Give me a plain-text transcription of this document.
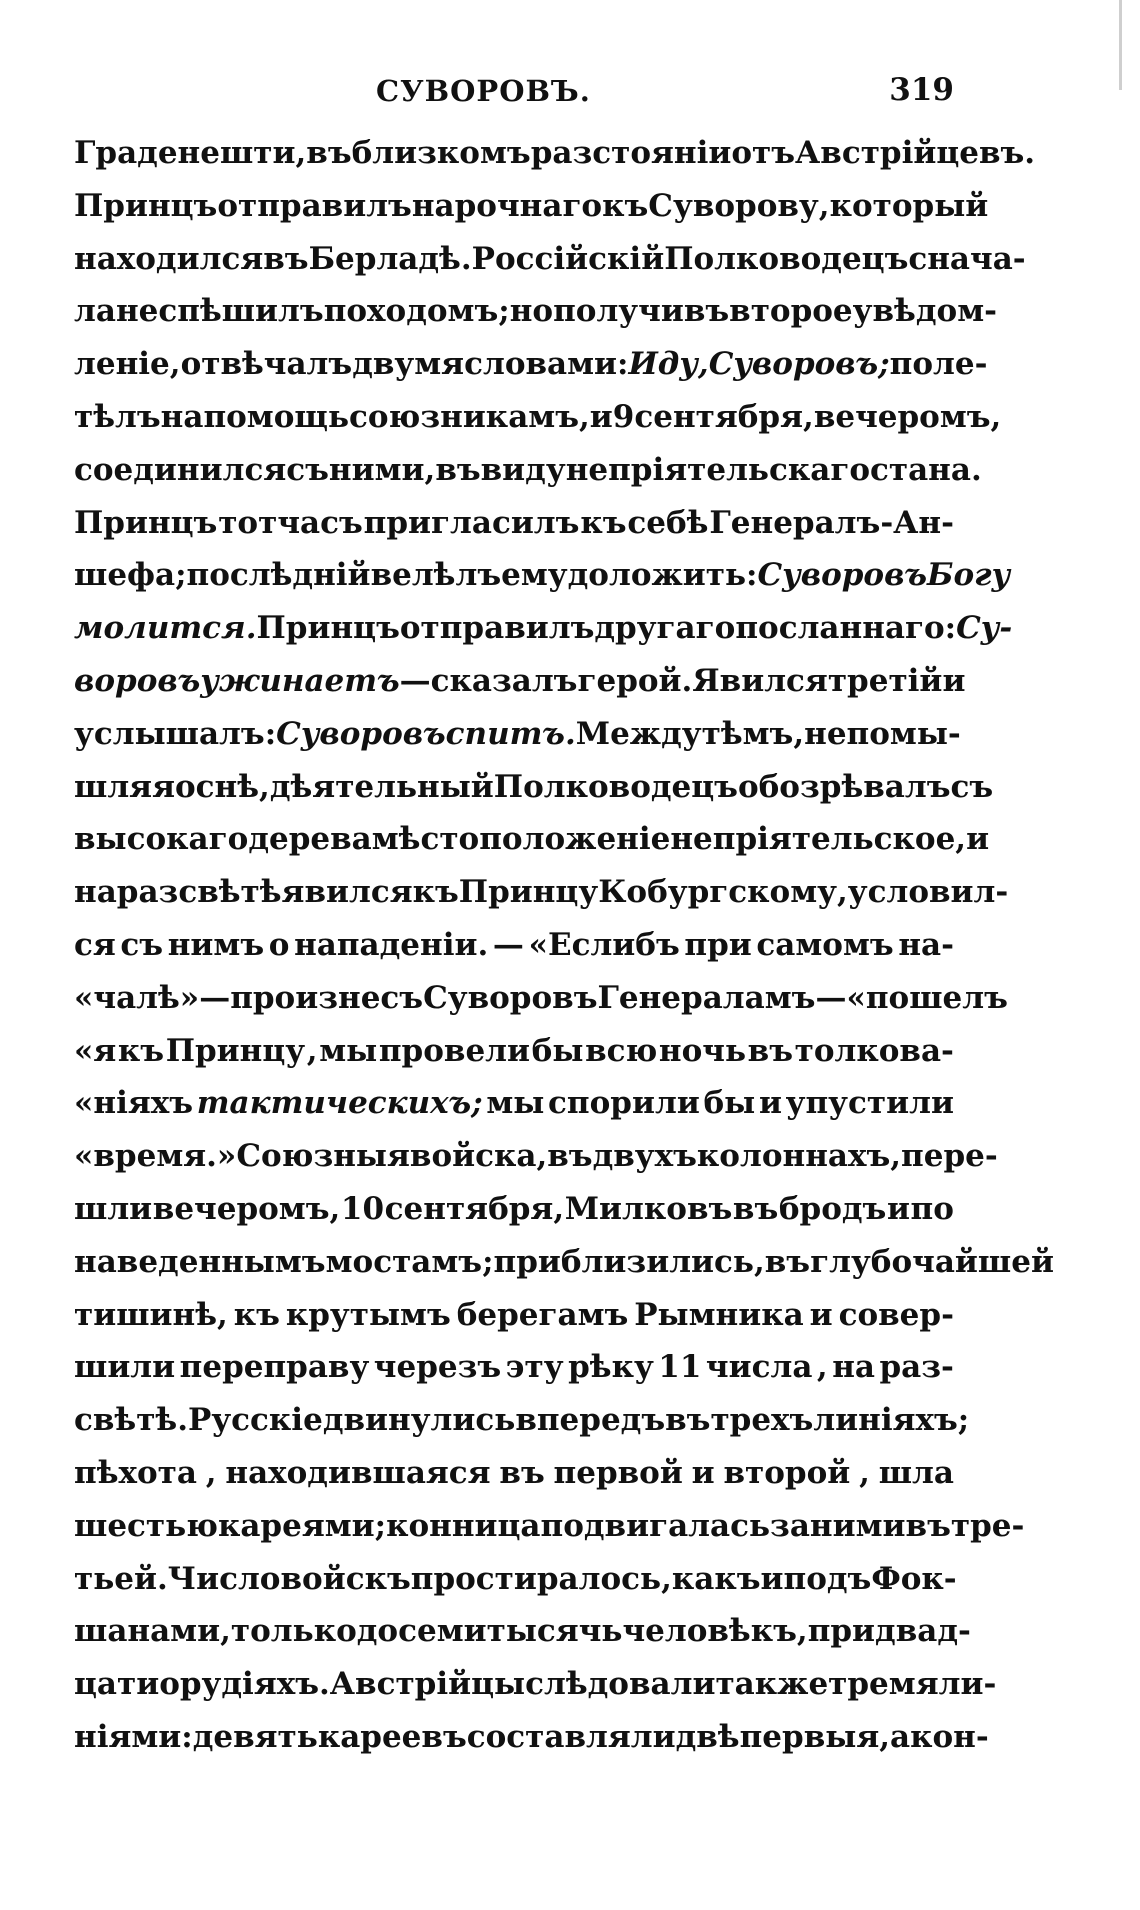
СУВОРОВЪ.	319
Граденешти, въ близкомъ разстояніи отъ Австрійцевъ.
Принцъ отправилъ нарочнаго къ Суворову , который
находился въ Берладѣ. Россійскій Полководецъ снача-
ла не спѣшилъ походомъ; но получивъ второе увѣдом-
леніе, отвѣчалъ двумя словами: Иду , Суворовъ ; поле-
тѣлъ на помощь союзникамъ, и 9 сентября, вечеромъ,
соединился съ ними , въ виду непріятельскаго стана.
Принцъ тотчасъ пригласилъ къ себѣ Генералъ-Ан-
шефа; послѣдній велѣлъ ему доложить: Суворовъ Богу
молится. Принцъ отправилъ другаго посланнаго: Су-
воровъ ужинаетъ — сказалъ герой. Явился третій и
услышалъ: Суворовъ спитъ. Между тѣмъ , не помы-
шляя о снѣ , дѣятельный Полководецъ обозрѣвалъ съ
высокаго дерева мѣстоположеніе непріятельское, и
на разсвѣтѣ явился къ Принцу Кобургскому, условил-
ся съ нимъ о нападеніи. — «Еслибъ при самомъ на-
«чалѣ» — произнесъ Суворовъ Генераламъ — «пошелъ
«я къ Принцу , мы провели бы всю ночь въ толкова-
«ніяхъ тактическихъ; мы спорили бы и упустили
«время.» Союзныя войска, въ двухъ колоннахъ, пере-
шли вечеромъ, 10 сентября, Милковъ въ бродъ и по
наведеннымъ мостамъ ; приблизились, въ глубочайшей
тишинѣ, къ крутымъ берегамъ Рымника и совер-
шили переправу черезъ эту рѣку 11 числа , на раз-
свѣтѣ. Русскіе двинулись впередъ въ трехъ линіяхъ;
пѣхота , находившаяся въ первой и второй , шла
шестью кареями; конница подвигалась за ними въ тре-
тьей. Число войскъ простиралось, какъ и подъ Фок-
шанами, только до семи тысячь человѣкъ, при двад-
цати орудіяхъ. Австрійцы слѣдовали также тремя ли-
ніями: девять кареевъ составляли двѣ первыя, а кон-
